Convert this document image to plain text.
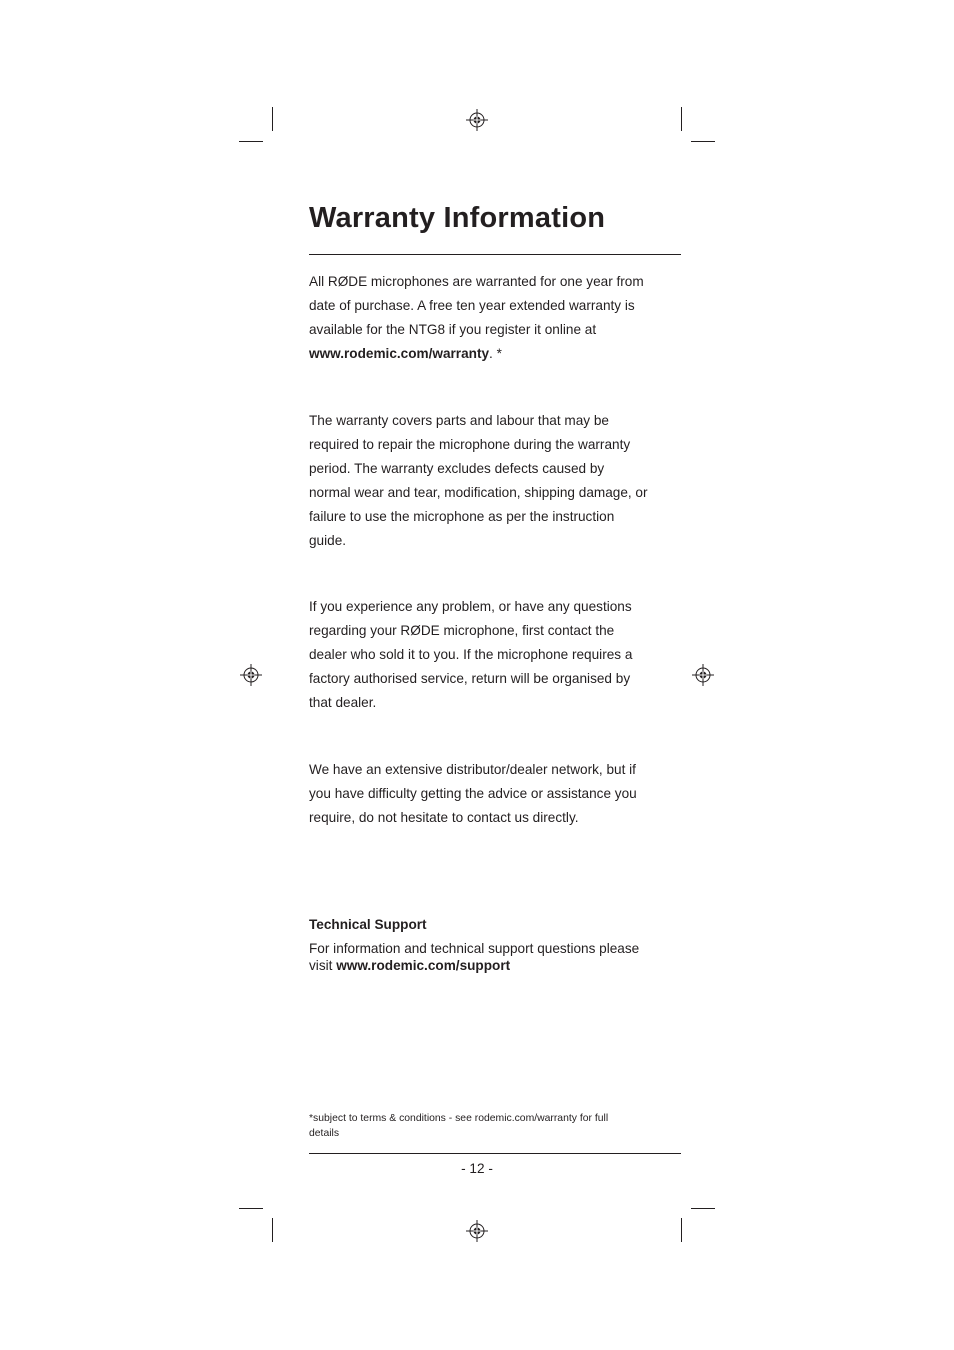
Warranty Information

All RØDE microphones are warranted for one year from date of purchase. A free ten year extended warranty is available for the NTG8 if you register it online at www.rodemic.com/warranty. *

The warranty covers parts and labour that may be required to repair the microphone during the warranty period. The warranty excludes defects caused by normal wear and tear, modification, shipping damage, or failure to use the microphone as per the instruction guide.

If you experience any problem, or have any questions regarding your RØDE microphone, first contact the dealer who sold it to you. If the microphone requires a factory authorised service, return will be organised by that dealer.

We have an extensive distributor/dealer network, but if you have difficulty getting the advice or assistance you require, do not hesitate to contact us directly.

Technical Support

For information and technical support questions please visit www.rodemic.com/support

*subject to terms & conditions - see rodemic.com/warranty for full details

- 12 -
